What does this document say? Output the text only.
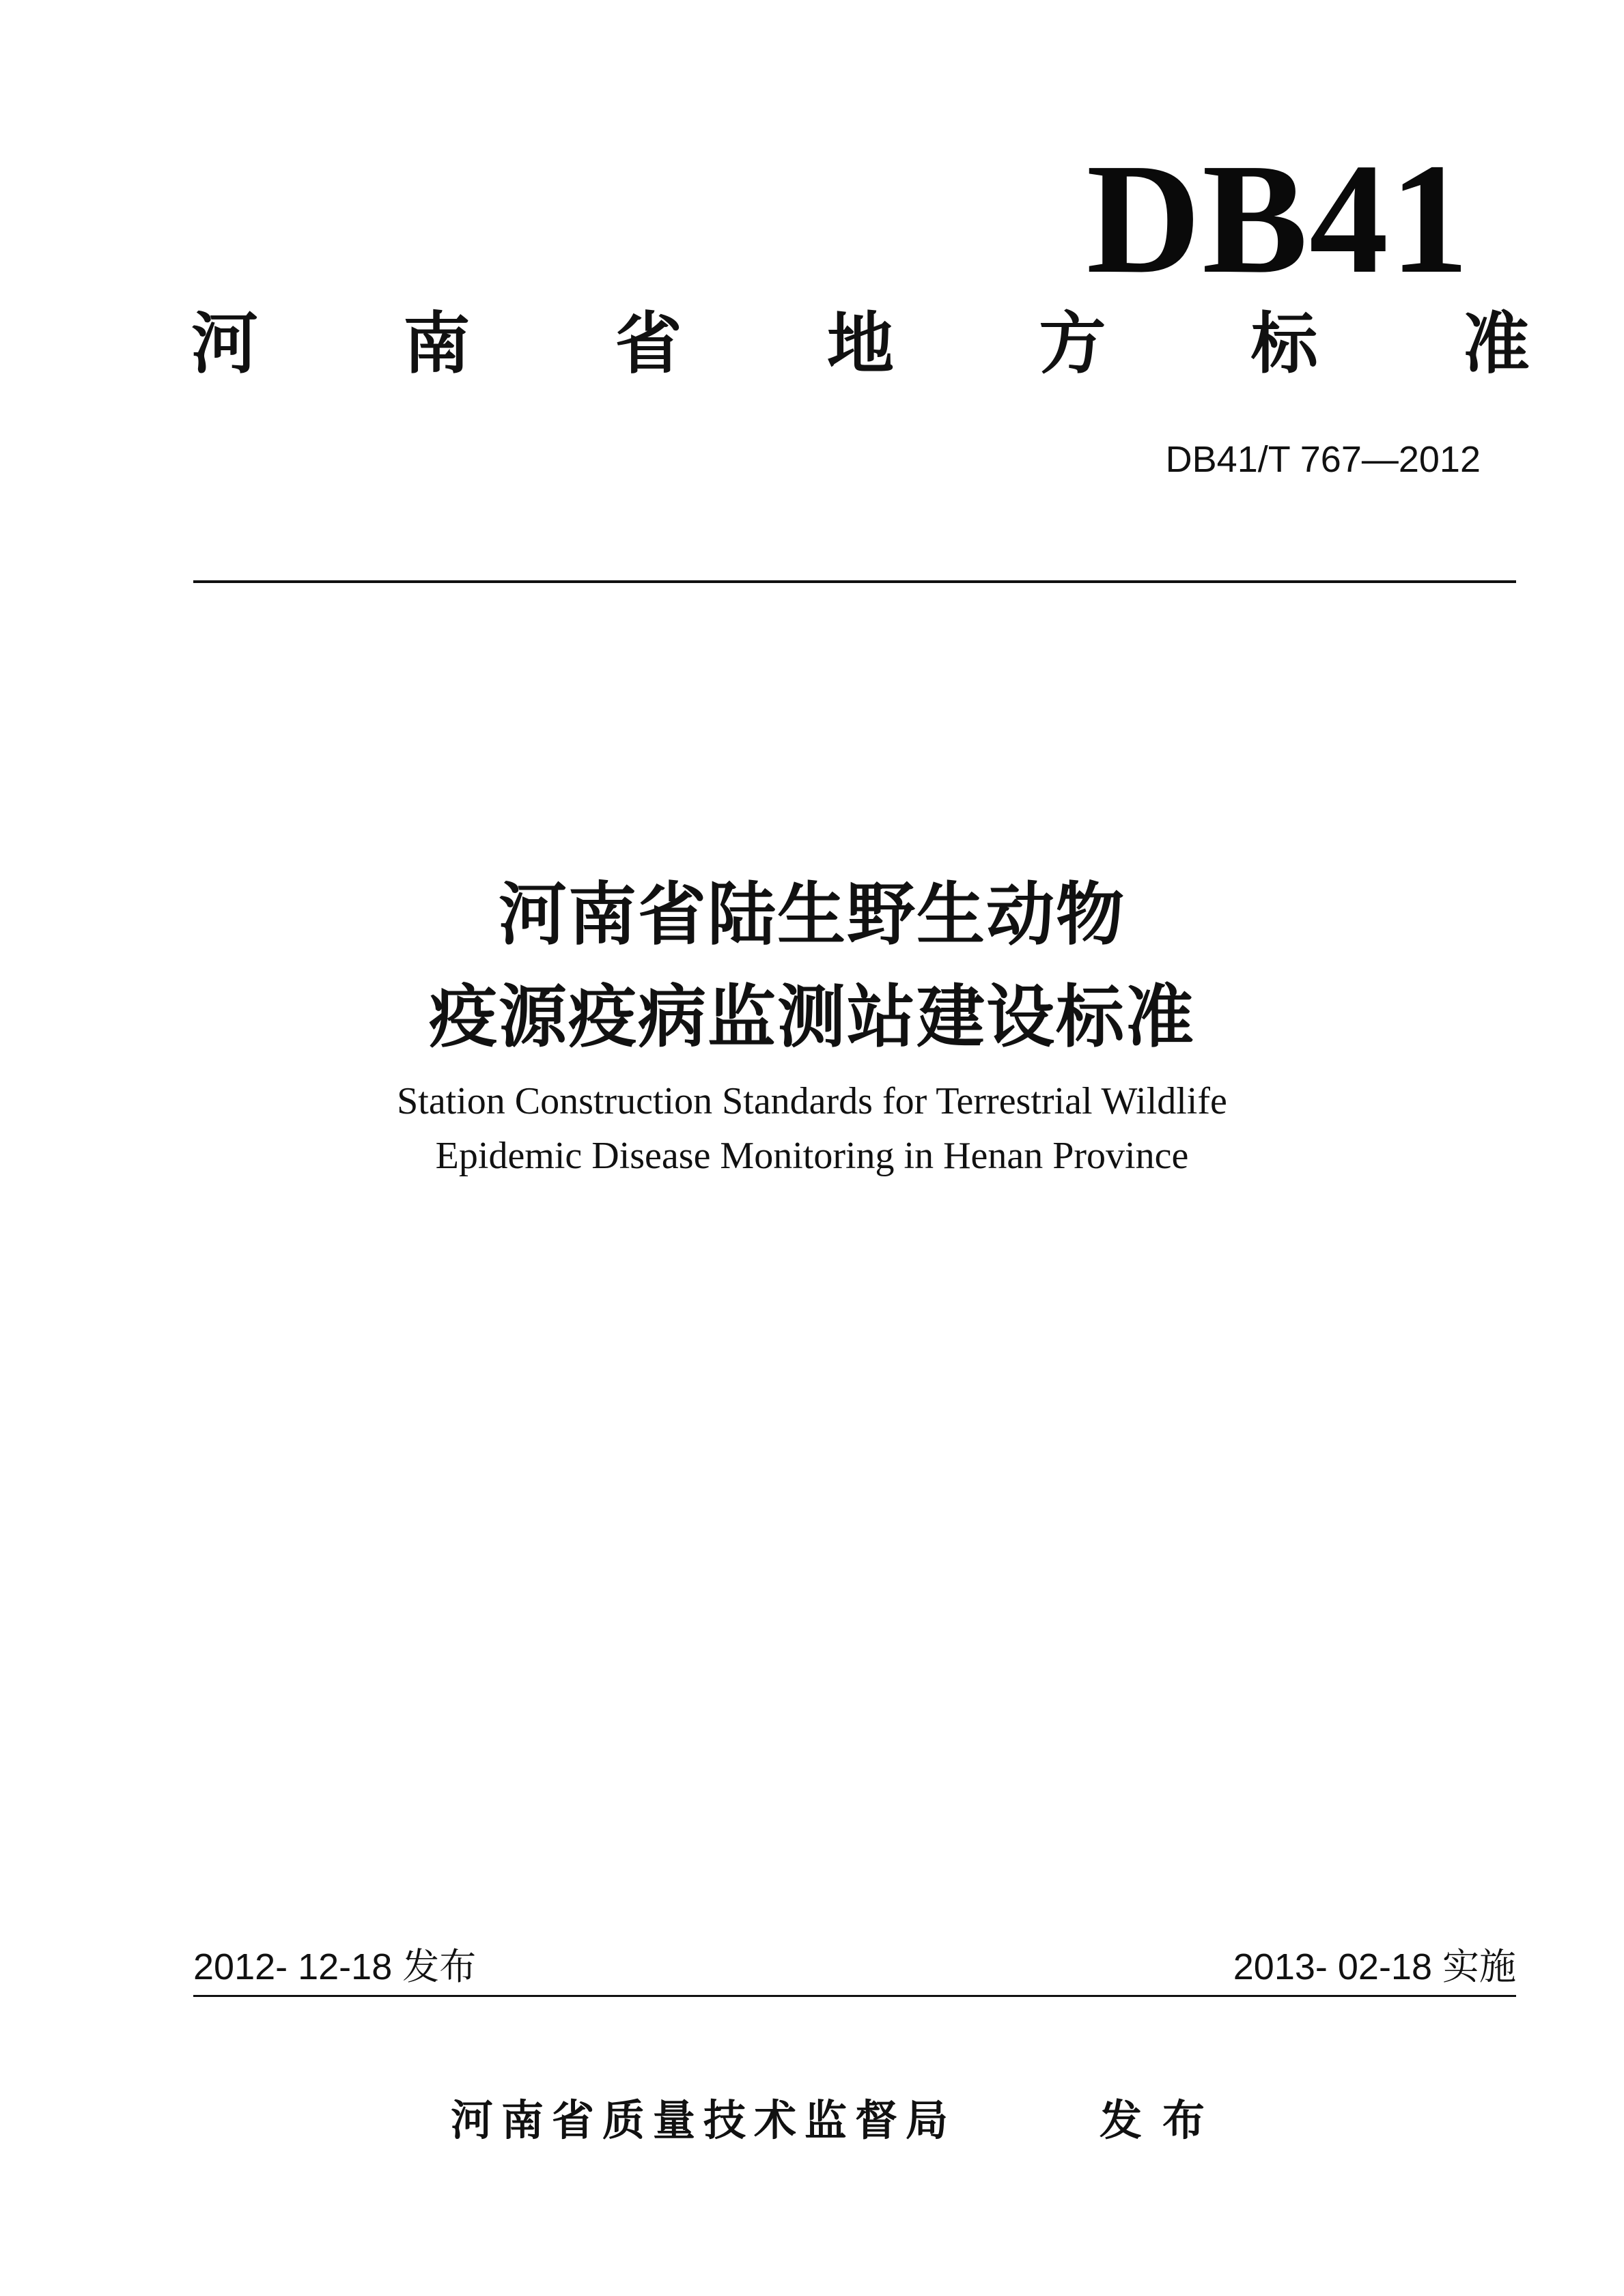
DB41
河 南 省 地 方 标 准
DB41/T 767—2012
河南省陆生野生动物
疫源疫病监测站建设标准
Station Construction Standards for Terrestrial Wildlife
Epidemic Disease Monitoring in Henan Province
2012- 12-18 发布	2013- 02-18 实施
河南省质量技术监督局	发布
